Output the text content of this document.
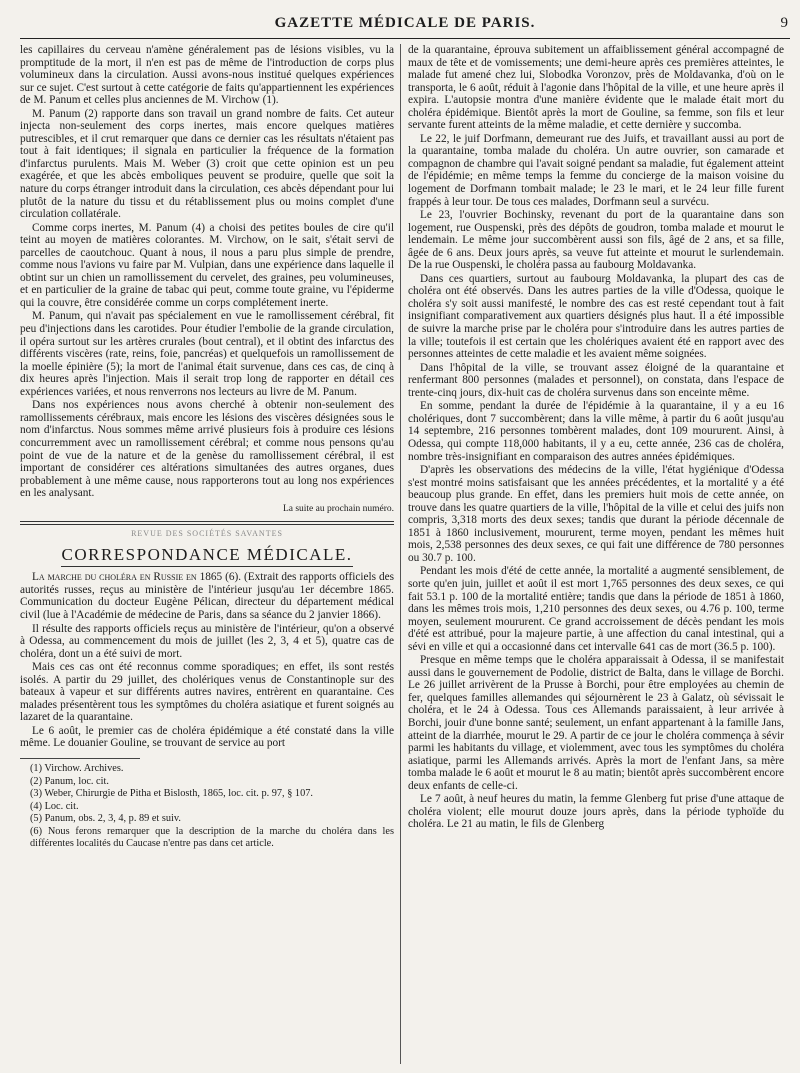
GAZETTE MÉDICALE DE PARIS.	9

les capillaires du cerveau n'amène généralement pas de lésions visibles, vu la promptitude de la mort, il n'en est pas de même de l'introduction de corps plus volumineux dans la circulation. Aussi avons-nous institué quelques expériences sur ce sujet. C'est surtout à cette catégorie de faits qu'appartiennent les expériences de M. Panum et celles plus anciennes de M. Virchow (1).

M. Panum (2) rapporte dans son travail un grand nombre de faits. Cet auteur injecta non-seulement des corps inertes, mais encore quelques matières putrescibles, et il crut remarquer que dans ce dernier cas les résultats n'étaient pas tout à fait identiques; il signala en particulier la fréquence de la formation d'infarctus purulents. Mais M. Weber (3) croit que cette opinion est un peu exagérée, et que les abcès emboliques peuvent se produire, quelle que soit la nature du corps étranger introduit dans la circulation, ces abcès dépendant pour lui plutôt de la nature du tissu et du rétablissement plus ou moins complet d'une circulation collatérale.

Comme corps inertes, M. Panum (4) a choisi des petites boules de cire qu'il teint au moyen de matières colorantes. M. Virchow, on le sait, s'était servi de parcelles de caoutchouc. Quant à nous, il nous a paru plus simple de prendre, comme nous l'avions vu faire par M. Vulpian, dans une expérience dans laquelle il obtint sur un chien un ramollissement du cervelet, des graines, peu volumineuses, et en particulier de la graine de tabac qui peut, comme toute graine, vu l'épiderme qui la couvre, être considérée comme un corps complétement inerte.

M. Panum, qui n'avait pas spécialement en vue le ramollissement cérébral, fit peu d'injections dans les carotides. Pour étudier l'embolie de la grande circulation, il opéra surtout sur les artères crurales (bout central), et il obtint des infarctus des différents viscères (rate, reins, foie, pancréas) et quelquefois un ramollissement de la moelle épinière (5); la mort de l'animal était survenue, dans ces cas, de cinq à dix heures après l'injection. Mais il serait trop long de rapporter en détail ces expériences variées, et nous renverrons nos lecteurs au livre de M. Panum.

Dans nos expériences nous avons cherché à obtenir non-seulement des ramollissements cérébraux, mais encore les lésions des viscères désignées sous le nom d'infarctus. Nous sommes même arrivé plusieurs fois à produire ces lésions concurremment avec un ramollissement cérébral; et comme nous pensons qu'au point de vue de la nature et de la genèse du ramollissement cérébral, il est important de considérer ces altérations simultanées des autres organes, dues probablement à une même cause, nous rapporterons tout au long nos expériences en les analysant.

La suite au prochain numéro.
REVUE DES SOCIÉTÉS SAVANTES
CORRESPONDANCE MÉDICALE.

La marche du choléra en Russie en 1865 (6). (Extrait des rapports officiels des autorités russes, reçus au ministère de l'intérieur jusqu'au 1er décembre 1865. Communication du docteur Eugène Pélican, directeur du département médical civil (lue à l'Académie de médecine de Paris, dans sa séance du 2 janvier 1866).

Il résulte des rapports officiels reçus au ministère de l'intérieur, qu'on a observé à Odessa, au commencement du mois de juillet (les 2, 3, 4 et 5), quatre cas de choléra, dont un a été suivi de mort.

Mais ces cas ont été reconnus comme sporadiques; en effet, ils sont restés isolés. A partir du 29 juillet, des cholériques venus de Constantinople sur des bateaux à vapeur et sur différents autres navires, entrèrent en quarantaine. Ces malades présentèrent tous les symptômes du choléra asiatique et furent soignés au lazaret de la quarantaine.

Le 6 août, le premier cas de choléra épidémique a été constaté dans la ville même. Le douanier Gouline, se trouvant de service au port

(1) Virchow. Archives.

(2) Panum, loc. cit.

(3) Weber, Chirurgie de Pitha et Bislosth, 1865, loc. cit. p. 97, § 107.

(4) Loc. cit.

(5) Panum, obs. 2, 3, 4, p. 89 et suiv.

(6) Nous ferons remarquer que la description de la marche du choléra dans les différentes localités du Caucase n'entre pas dans cet article.

de la quarantaine, éprouva subitement un affaiblissement général accompagné de maux de tête et de vomissements; une demi-heure après ces premières atteintes, le malade fut amené chez lui, Slobodka Voronzov, près de Moldavanka, d'où on le transporta, le 6 août, réduit à l'agonie dans l'hôpital de la ville, et une heure après il expira. L'autopsie montra d'une manière évidente que le malade était mort du choléra épidémique. Bientôt après la mort de Gouline, sa femme, son fils et leur servante furent atteints de la même maladie, et cette dernière y succomba.

Le 22, le juif Dorfmann, demeurant rue des Juifs, et travaillant aussi au port de la quarantaine, tomba malade du choléra. Un autre ouvrier, son camarade et compagnon de chambre qui l'avait soigné pendant sa maladie, fut également atteint de l'épidémie; en même temps la femme du concierge de la maison voisine du logement de Dorfmann tombait malade; le 23 le mari, et le 24 leur fille furent frappés à leur tour. De tous ces malades, Dorfmann seul a survécu.

Le 23, l'ouvrier Bochinsky, revenant du port de la quarantaine dans son logement, rue Ouspenski, près des dépôts de goudron, tomba malade et mourut le lendemain. Le même jour succombèrent aussi son fils, âgé de 2 ans, et sa fille, âgée de 6 ans. Deux jours après, sa veuve fut atteinte et mourut le surlendemain. De la rue Ouspenski, le choléra passa au faubourg Moldavanka.

Dans ces quartiers, surtout au faubourg Moldavanka, la plupart des cas de choléra ont été observés. Dans les autres parties de la ville d'Odessa, quoique le choléra s'y soit aussi manifesté, le nombre des cas est resté cependant tout à fait insignifiant comparativement aux quartiers désignés plus haut. Il a été impossible de suivre la marche prise par le choléra pour s'introduire dans les autres parties de la ville; toutefois il est certain que les cholériques avaient été en rapport avec des personnes atteintes de cette maladie et les avaient même soignées.

Dans l'hôpital de la ville, se trouvant assez éloigné de la quarantaine et renfermant 800 personnes (malades et personnel), on constata, dans l'espace de trente-cinq jours, dix-huit cas de choléra survenus dans son enceinte même.

En somme, pendant la durée de l'épidémie à la quarantaine, il y a eu 16 cholériques, dont 7 succombèrent; dans la ville même, à partir du 6 août jusqu'au 14 septembre, 216 personnes tombèrent malades, dont 109 moururent. Ainsi, à Odessa, qui compte 118,000 habitants, il y a eu, cette année, 236 cas de choléra, nombre très-insignifiant en comparaison des autres années épidémiques.

D'après les observations des médecins de la ville, l'état hygiénique d'Odessa s'est montré moins satisfaisant que les années précédentes, et la mortalité y a été beaucoup plus grande. En effet, dans les premiers huit mois de cette année, on trouve dans les quatre quartiers de la ville, l'hôpital de la ville et celui des juifs non compris, 3,318 morts des deux sexes; tandis que durant la période décennale de 1851 à 1860 inclusivement, moururent, terme moyen, pendant les mêmes huit mois, 2,538 personnes des deux sexes, ce qui fait une différence de 780 personnes ou 30.7 p. 100.

Pendant les mois d'été de cette année, la mortalité a augmenté sensiblement, de sorte qu'en juin, juillet et août il est mort 1,765 personnes des deux sexes, ce qui fait 53.1 p. 100 de la mortalité entière; tandis que dans la période de 1851 à 1860, dans les mêmes trois mois, 1,210 personnes des deux sexes, ou 4.76 p. 100, terme moyen, seulement moururent. Ce grand accroissement de décès pendant les mois d'été est attribué, pour la majeure partie, à une affection du canal intestinal, qui a sévi en ville et qui a occasionné dans cet intervalle 641 cas de mort (36.5 p. 100).

Presque en même temps que le choléra apparaissait à Odessa, il se manifestait aussi dans le gouvernement de Podolie, district de Balta, dans le village de Borchi. Le 26 juillet arrivèrent de la Prusse à Borchi, pour être employées au chemin de fer, quelques familles allemandes qui séjournèrent le 23 à Galatz, où sévissait le choléra, et le 24 à Odessa. Tous ces Allemands paraissaient, à leur arrivée à Borchi, jouir d'une bonne santé; seulement, un enfant appartenant à la famille Jans, atteint de la diarrhée, mourut le 29. A partir de ce jour le choléra commença à sévir parmi les habitants du village, et violemment, avec tous les symptômes du choléra asiatique, parmi les Allemands arrivés. Après la mort de l'enfant Jans, sa mère tomba malade le 6 août et mourut le 8 au matin; bientôt après succombèrent encore deux enfants de celle-ci.

Le 7 août, à neuf heures du matin, la femme Glenberg fut prise d'une attaque de choléra violent; elle mourut douze jours après, dans la période typhoïde du choléra. Le 21 au matin, le fils de Glenberg
